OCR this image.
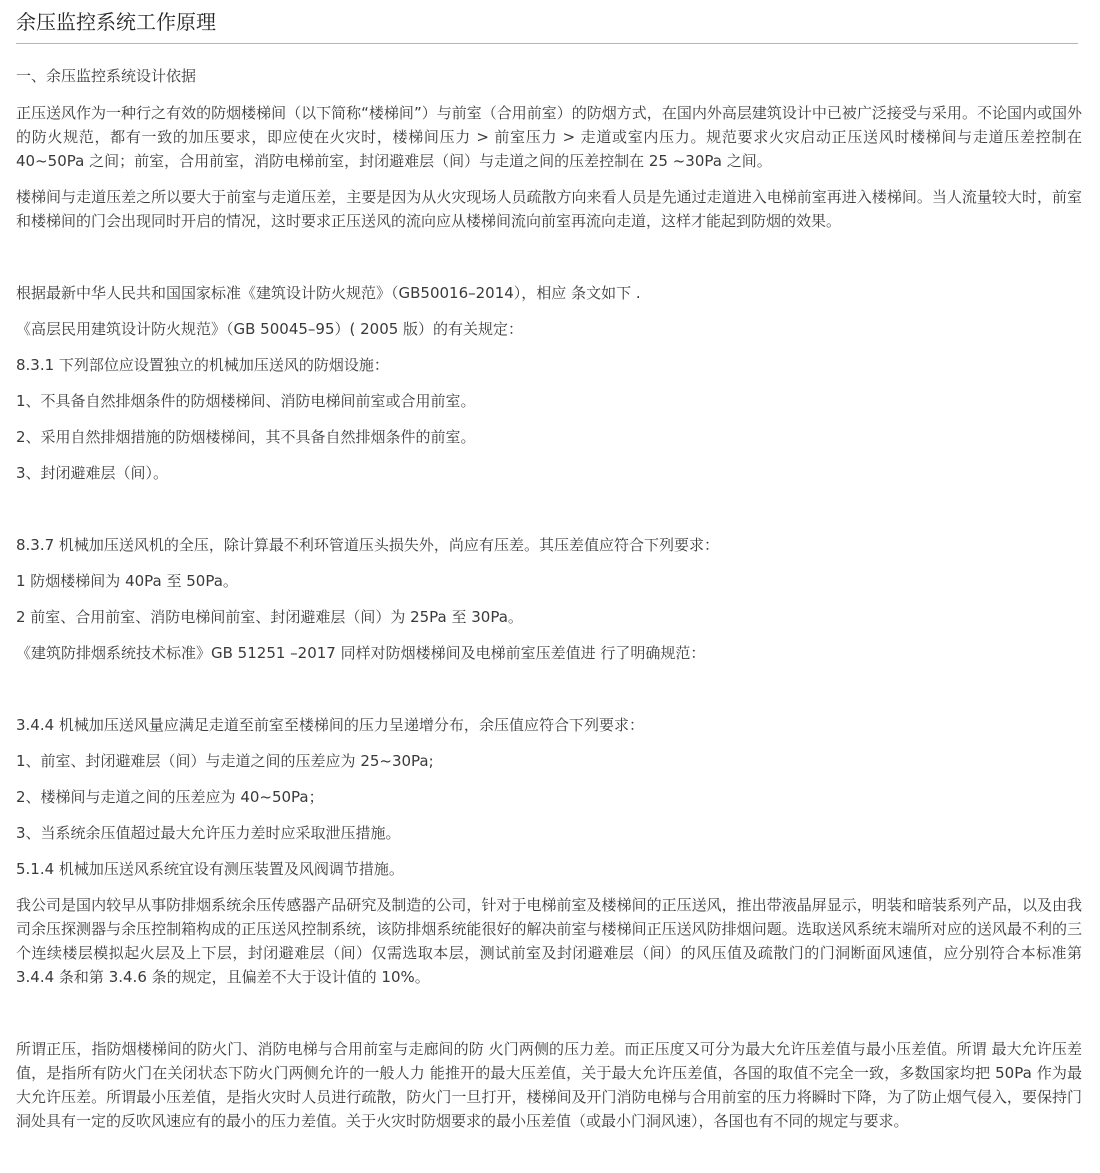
余压监控系统工作原理

一、余压监控系统设计依据

正压送风作为一种行之有效的防烟楼梯间（以下简称“楼梯间”）与前室（合用前室）的防烟方式，在国内外高层建筑设计中已被广泛接受与采用。不论国内或国外的防火规范，都有一致的加压要求，即应使在火灾时，楼梯间压力 > 前室压力 > 走道或室内压力。规范要求火灾启动正压送风时楼梯间与走道压差控制在 40~50Pa 之间；前室，合用前室，消防电梯前室，封闭避难层（间）与走道之间的压差控制在 25 ~30Pa 之间。

楼梯间与走道压差之所以要大于前室与走道压差，主要是因为从火灾现场人员疏散方向来看人员是先通过走道进入电梯前室再进入楼梯间。当人流量较大时，前室和楼梯间的门会出现同时开启的情况，这时要求正压送风的流向应从楼梯间流向前室再流向走道，这样才能起到防烟的效果。

根据最新中华人民共和国国家标准《建筑设计防火规范》（GB50016–2014），相应 条文如下 .

《高层民用建筑设计防火规范》（GB 50045–95）( 2005 版）的有关规定：

8.3.1 下列部位应设置独立的机械加压送风的防烟设施：

1、不具备自然排烟条件的防烟楼梯间、消防电梯间前室或合用前室。

2、采用自然排烟措施的防烟楼梯间，其不具备自然排烟条件的前室。

3、封闭避难层（间）。

8.3.7 机械加压送风机的全压，除计算最不利环管道压头损失外，尚应有压差。其压差值应符合下列要求：

1 防烟楼梯间为 40Pa 至 50Pa。

2 前室、合用前室、消防电梯间前室、封闭避难层（间）为 25Pa 至 30Pa。

《建筑防排烟系统技术标准》GB 51251 –2017 同样对防烟楼梯间及电梯前室压差值进 行了明确规范：

3.4.4 机械加压送风量应满足走道至前室至楼梯间的压力呈递增分布，余压值应符合下列要求：

1、前室、封闭避难层（间）与走道之间的压差应为 25~30Pa;

2、楼梯间与走道之间的压差应为 40~50Pa；

3、当系统余压值超过最大允许压力差时应采取泄压措施。

5.1.4 机械加压送风系统宜设有测压装置及风阀调节措施。

我公司是国内较早从事防排烟系统余压传感器产品研究及制造的公司，针对于电梯前室及楼梯间的正压送风，推出带液晶屏显示，明装和暗装系列产品，以及由我司余压探测器与余压控制箱构成的正压送风控制系统，该防排烟系统能很好的解决前室与楼梯间正压送风防排烟问题。选取送风系统末端所对应的送风最不利的三个连续楼层模拟起火层及上下层，封闭避难层（间）仅需选取本层，测试前室及封闭避难层（间）的风压值及疏散门的门洞断面风速值，应分别符合本标准第 3.4.4 条和第 3.4.6 条的规定，且偏差不大于设计值的 10%。

所谓正压，指防烟楼梯间的防火门、消防电梯与合用前室与走廊间的防 火门两侧的压力差。而正压度又可分为最大允许压差值与最小压差值。所谓 最大允许压差值，是指所有防火门在关闭状态下防火门两侧允许的一般人力 能推开的最大压差值，关于最大允许压差值，各国的取值不完全一致，多数国家均把 50Pa 作为最大允许压差。所谓最小压差值，是指火灾时人员进行疏散，防火门一旦打开，楼梯间及开门消防电梯与合用前室的压力将瞬时下降，为了防止烟气侵入，要保持门洞处具有一定的反吹风速应有的最小的压力差值。关于火灾时防烟要求的最小压差值（或最小门洞风速），各国也有不同的规定与要求。
